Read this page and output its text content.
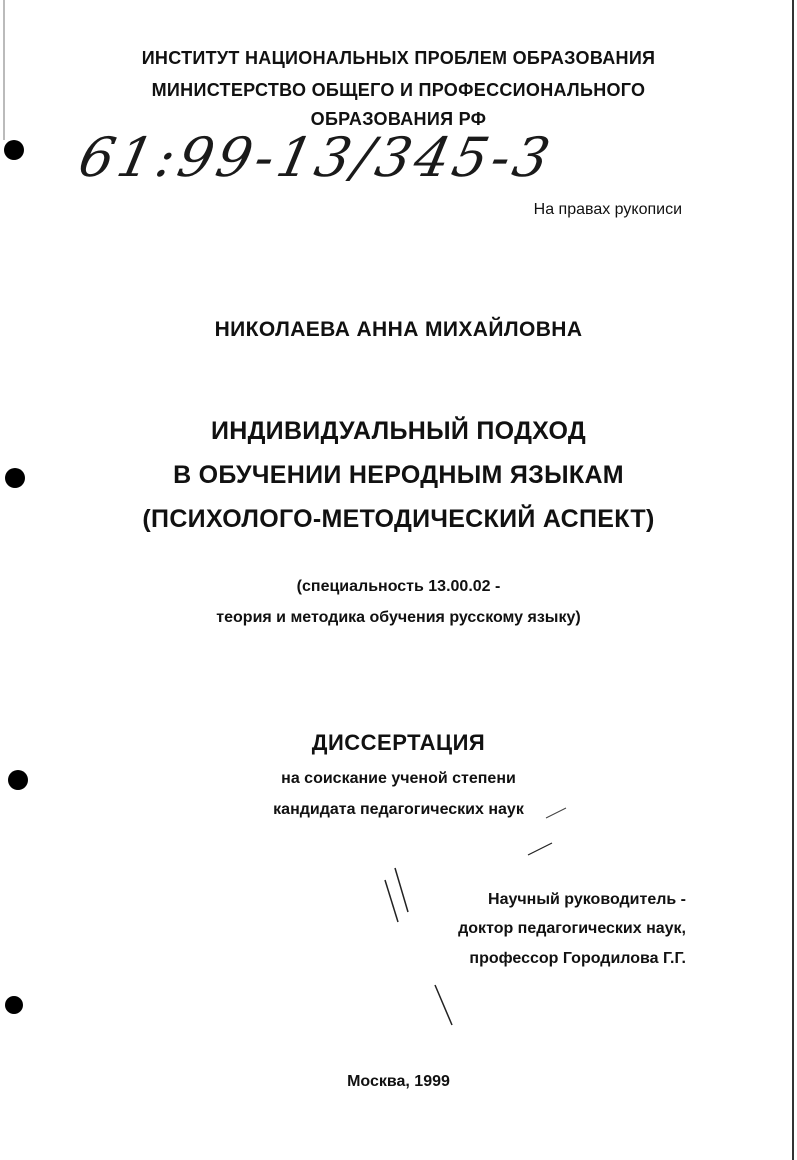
ИНСТИТУТ НАЦИОНАЛЬНЫХ ПРОБЛЕМ ОБРАЗОВАНИЯ
МИНИСТЕРСТВО ОБЩЕГО И ПРОФЕССИОНАЛЬНОГО
ОБРАЗОВАНИЯ РФ
61:99-13/345-3
На правах рукописи
НИКОЛАЕВА АННА МИХАЙЛОВНА
ИНДИВИДУАЛЬНЫЙ ПОДХОД
В ОБУЧЕНИИ НЕРОДНЫМ ЯЗЫКАМ
(ПСИХОЛОГО-МЕТОДИЧЕСКИЙ АСПЕКТ)
(специальность 13.00.02 -
теория и методика обучения русскому языку)
ДИССЕРТАЦИЯ
на соискание ученой степени
кандидата педагогических наук
Научный руководитель -
доктор педагогических наук,
профессор Городилова Г.Г.
Москва, 1999
